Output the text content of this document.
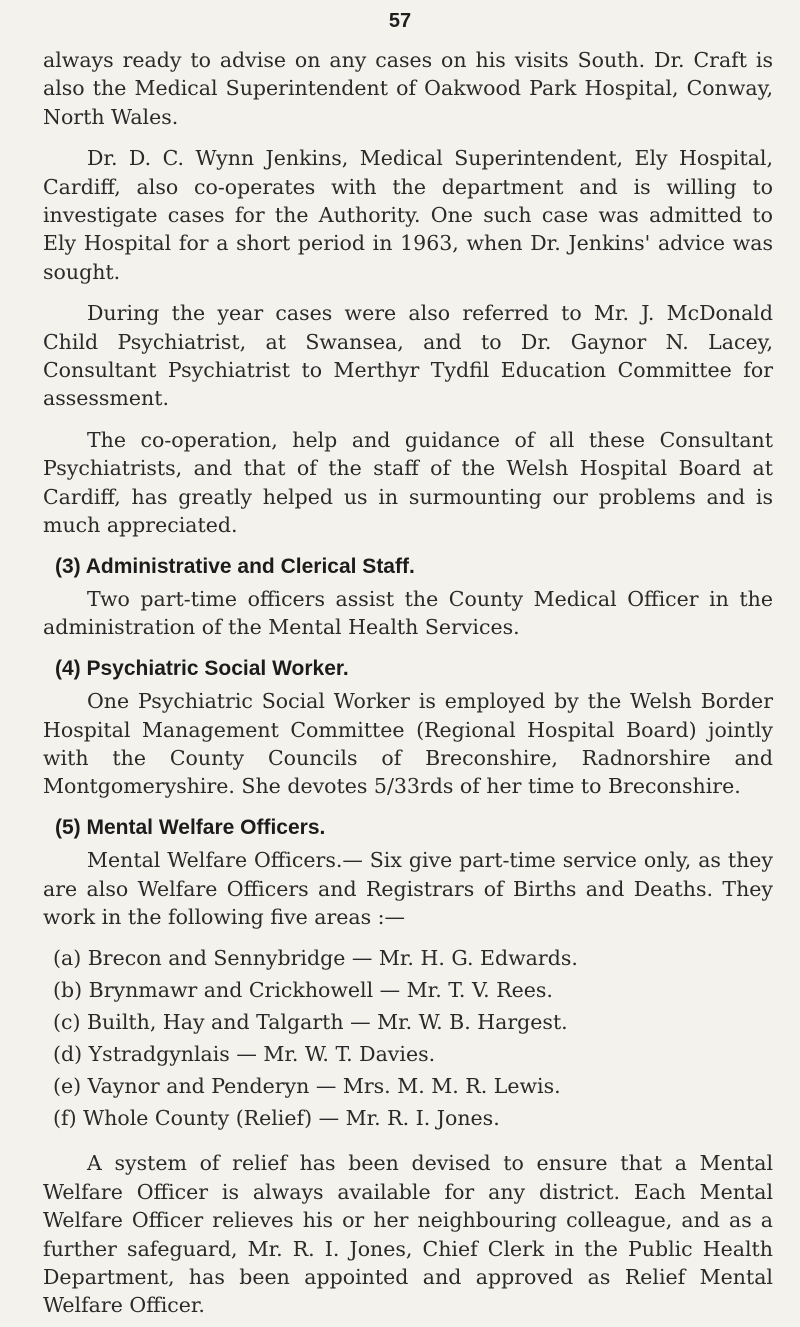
57

always ready to advise on any cases on his visits South. Dr. Craft is also the Medical Superintendent of Oakwood Park Hospital, Conway, North Wales.

Dr. D. C. Wynn Jenkins, Medical Superintendent, Ely Hospital, Cardiff, also co-operates with the department and is willing to investigate cases for the Authority. One such case was admitted to Ely Hospital for a short period in 1963, when Dr. Jenkins' advice was sought.

During the year cases were also referred to Mr. J. McDonald Child Psychiatrist, at Swansea, and to Dr. Gaynor N. Lacey, Consultant Psychiatrist to Merthyr Tydfil Education Committee for assessment.

The co-operation, help and guidance of all these Consultant Psychiatrists, and that of the staff of the Welsh Hospital Board at Cardiff, has greatly helped us in surmounting our problems and is much appreciated.

(3) Administrative and Clerical Staff.

Two part-time officers assist the County Medical Officer in the administration of the Mental Health Services.

(4) Psychiatric Social Worker.

One Psychiatric Social Worker is employed by the Welsh Border Hospital Management Committee (Regional Hospital Board) jointly with the County Councils of Breconshire, Radnorshire and Montgomeryshire. She devotes 5/33rds of her time to Breconshire.

(5) Mental Welfare Officers.

Mental Welfare Officers.— Six give part-time service only, as they are also Welfare Officers and Registrars of Births and Deaths. They work in the following five areas :—

(a) Brecon and Sennybridge — Mr. H. G. Edwards.
(b) Brynmawr and Crickhowell — Mr. T. V. Rees.
(c) Builth, Hay and Talgarth — Mr. W. B. Hargest.
(d) Ystradgynlais — Mr. W. T. Davies.
(e) Vaynor and Penderyn — Mrs. M. M. R. Lewis.
(f) Whole County (Relief) — Mr. R. I. Jones.

A system of relief has been devised to ensure that a Mental Welfare Officer is always available for any district. Each Mental Welfare Officer relieves his or her neighbouring colleague, and as a further safeguard, Mr. R. I. Jones, Chief Clerk in the Public Health Department, has been appointed and approved as Relief Mental Welfare Officer.
